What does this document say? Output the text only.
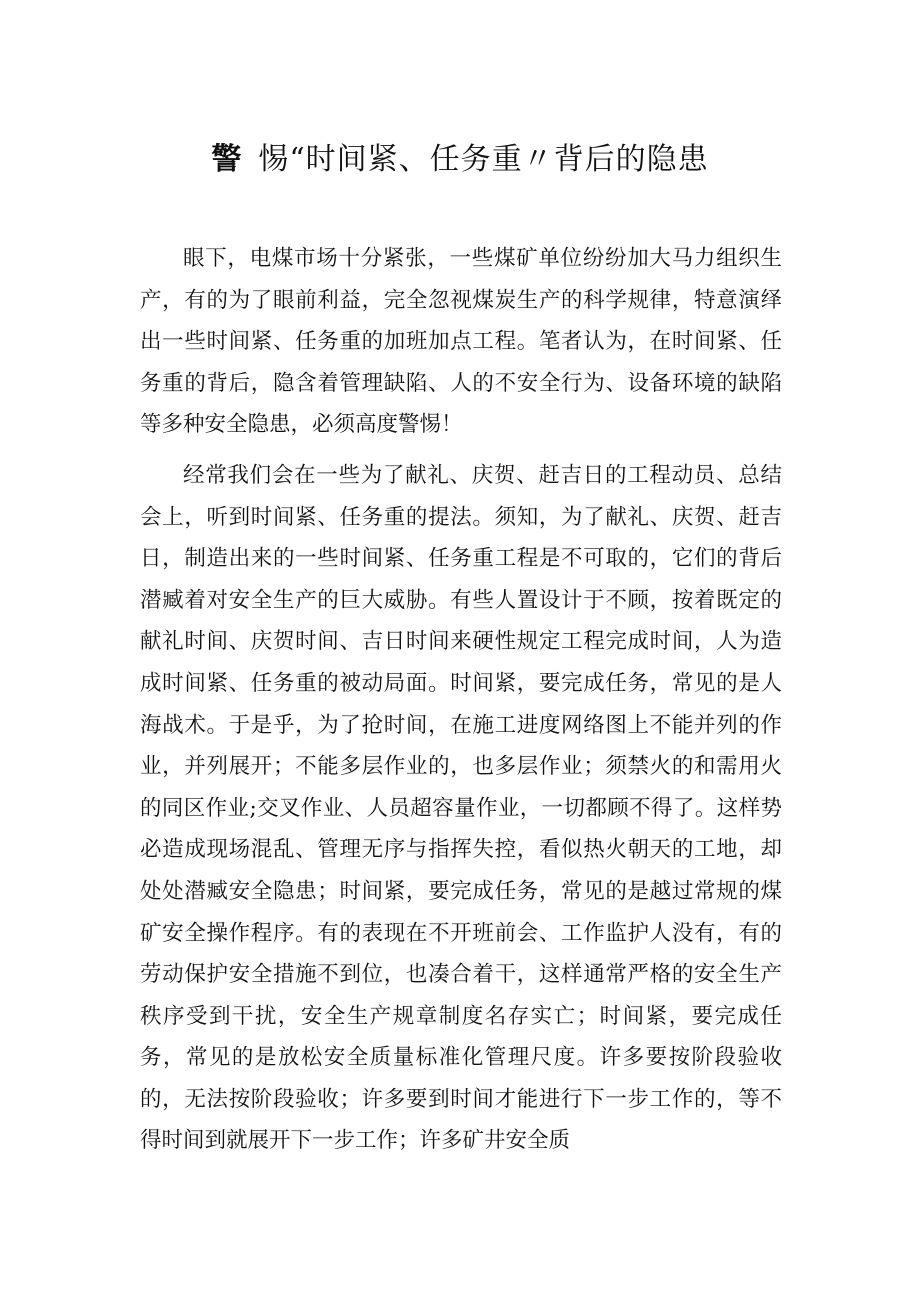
警 惕“时间紧、任务重〃背后的隐患

眼下，电煤市场十分紧张，一些煤矿单位纷纷加大马力组织生产，有的为了眼前利益，完全忽视煤炭生产的科学规律，特意演绎出一些时间紧、任务重的加班加点工程。笔者认为，在时间紧、任务重的背后，隐含着管理缺陷、人的不安全行为、设备环境的缺陷等多种安全隐患，必须高度警惕！

经常我们会在一些为了献礼、庆贺、赶吉日的工程动员、总结会上，听到时间紧、任务重的提法。须知，为了献礼、庆贺、赶吉日，制造出来的一些时间紧、任务重工程是不可取的，它们的背后潜臧着对安全生产的巨大威胁。有些人置设计于不顾，按着既定的献礼时间、庆贺时间、吉日时间来硬性规定工程完成时间，人为造成时间紧、任务重的被动局面。时间紧，要完成任务，常见的是人海战术。于是乎，为了抢时间，在施工进度网络图上不能并列的作业，并列展开；不能多层作业的，也多层作业；须禁火的和需用火的同区作业;交叉作业、人员超容量作业，一切都顾不得了。这样势必造成现场混乱、管理无序与指挥失控，看似热火朝天的工地，却处处潜臧安全隐患；时间紧，要完成任务，常见的是越过常规的煤矿安全操作程序。有的表现在不开班前会、工作监护人没有，有的劳动保护安全措施不到位，也凑合着干，这样通常严格的安全生产秩序受到干扰，安全生产规章制度名存实亡；时间紧，要完成任务，常见的是放松安全质量标准化管理尺度。许多要按阶段验收的，无法按阶段验收；许多要到时间才能进行下一步工作的，等不得时间到就展开下一步工作；许多矿井安全质
